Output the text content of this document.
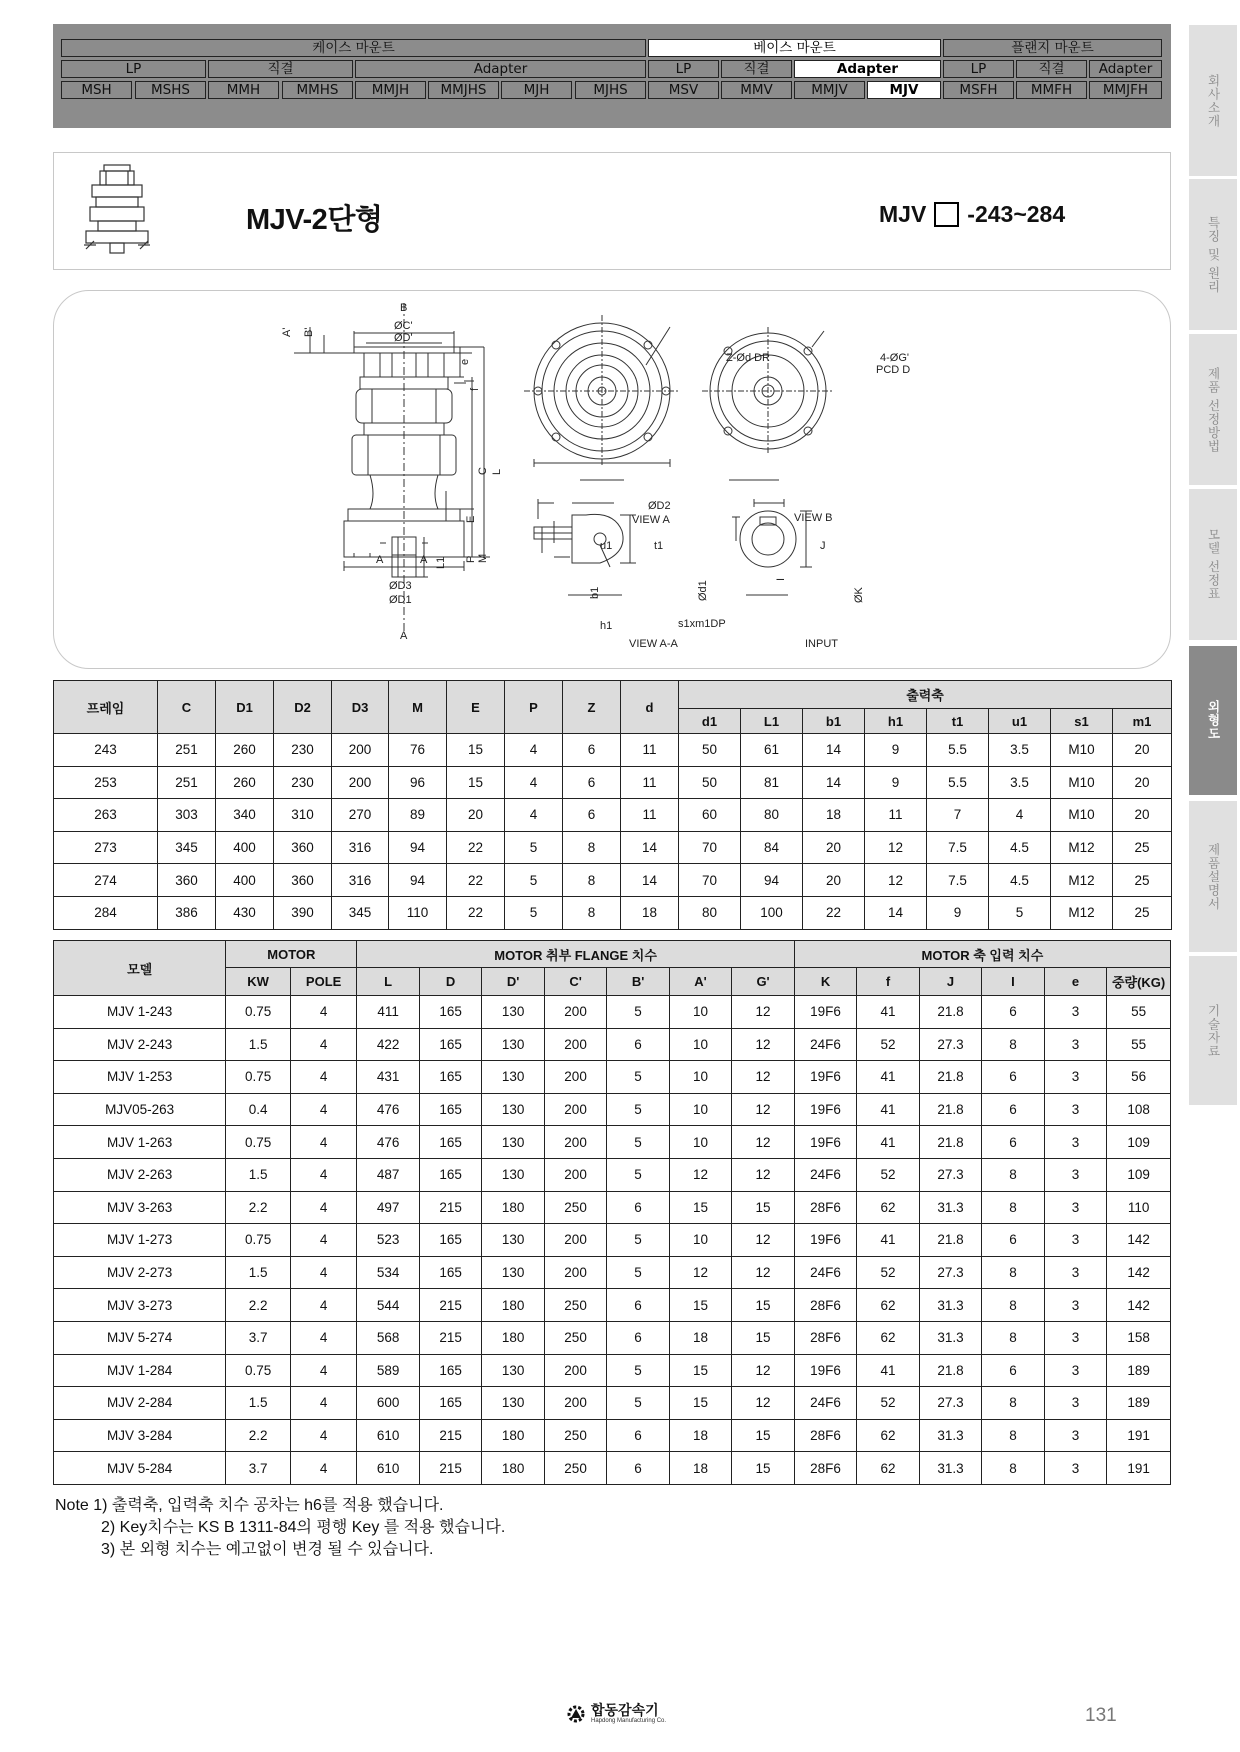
케이스 마운트	베이스 마운트	플랜지 마운트
LP	직결	Adapter	LP	직결	Adapter	LP	직결	Adapter
MSH	MSHS	MMH	MMHS	MMJH	MMJHS	MJH	MJHS	MSV	MMV	MMJV	MJV	MSFH	MMFH	MMJFH	회사소개
특징 및 원리
제품 선정방법
모델 선정표
외형도
제품설명서
기술자료
MJV-2단형	MJV -243~284
B
A' B'
ØC'
ØD'
e
f
C L
E
P M
L1
A	A
ØD3
ØD1
A
Z-Ød DR	4-ØG'
PCD D
ØD2
VIEW A	VIEW B
u1	t1	J
I
b1	Ød1	ØK
h1	s1xm1DP
VIEW A-A	INPUT
프레임	C	D1	D2	D3	M	E	P	Z	d	출력축							
										d1	L1	b1	h1	t1	u1	s1	m1
243	251	260	230	200	76	15	4	6	11	50	61	14	9	5.5	3.5	M10	20
253	251	260	230	200	96	15	4	6	11	50	81	14	9	5.5	3.5	M10	20
263	303	340	310	270	89	20	4	6	11	60	80	18	11	7	4	M10	20
273	345	400	360	316	94	22	5	8	14	70	84	20	12	7.5	4.5	M12	25
274	360	400	360	316	94	22	5	8	14	70	94	20	12	7.5	4.5	M12	25
284	386	430	390	345	110	22	5	8	18	80	100	22	14	9	5	M12	25
모델	MOTOR		MOTOR 취부 FLANGE 치수							MOTOR 축 입력 치수					
	KW	POLE	L	D	D'	C'	B'	A'	G'	K	f	J	I	e	중량(KG)
MJV 1-243	0.75	4	411	165	130	200	5	10	12	19F6	41	21.8	6	3	55
MJV 2-243	1.5	4	422	165	130	200	6	10	12	24F6	52	27.3	8	3	55
MJV 1-253	0.75	4	431	165	130	200	5	10	12	19F6	41	21.8	6	3	56
MJV05-263	0.4	4	476	165	130	200	5	10	12	19F6	41	21.8	6	3	108
MJV 1-263	0.75	4	476	165	130	200	5	10	12	19F6	41	21.8	6	3	109
MJV 2-263	1.5	4	487	165	130	200	5	12	12	24F6	52	27.3	8	3	109
MJV 3-263	2.2	4	497	215	180	250	6	15	15	28F6	62	31.3	8	3	110
MJV 1-273	0.75	4	523	165	130	200	5	10	12	19F6	41	21.8	6	3	142
MJV 2-273	1.5	4	534	165	130	200	5	12	12	24F6	52	27.3	8	3	142
MJV 3-273	2.2	4	544	215	180	250	6	15	15	28F6	62	31.3	8	3	142
MJV 5-274	3.7	4	568	215	180	250	6	18	15	28F6	62	31.3	8	3	158
MJV 1-284	0.75	4	589	165	130	200	5	15	12	19F6	41	21.8	6	3	189
MJV 2-284	1.5	4	600	165	130	200	5	15	12	24F6	52	27.3	8	3	189
MJV 3-284	2.2	4	610	215	180	250	6	18	15	28F6	62	31.3	8	3	191
MJV 5-284	3.7	4	610	215	180	250	6	18	15	28F6	62	31.3	8	3	191
Note 1) 출력축, 입력축 치수 공차는 h6를 적용 했습니다.
2) Key치수는 KS B 1311-84의 평행 Key 를 적용 했습니다.
3) 본 외형 치수는 예고없이 변경 될 수 있습니다.
합동감속기
Hapdong Manufacturing Co.	131
